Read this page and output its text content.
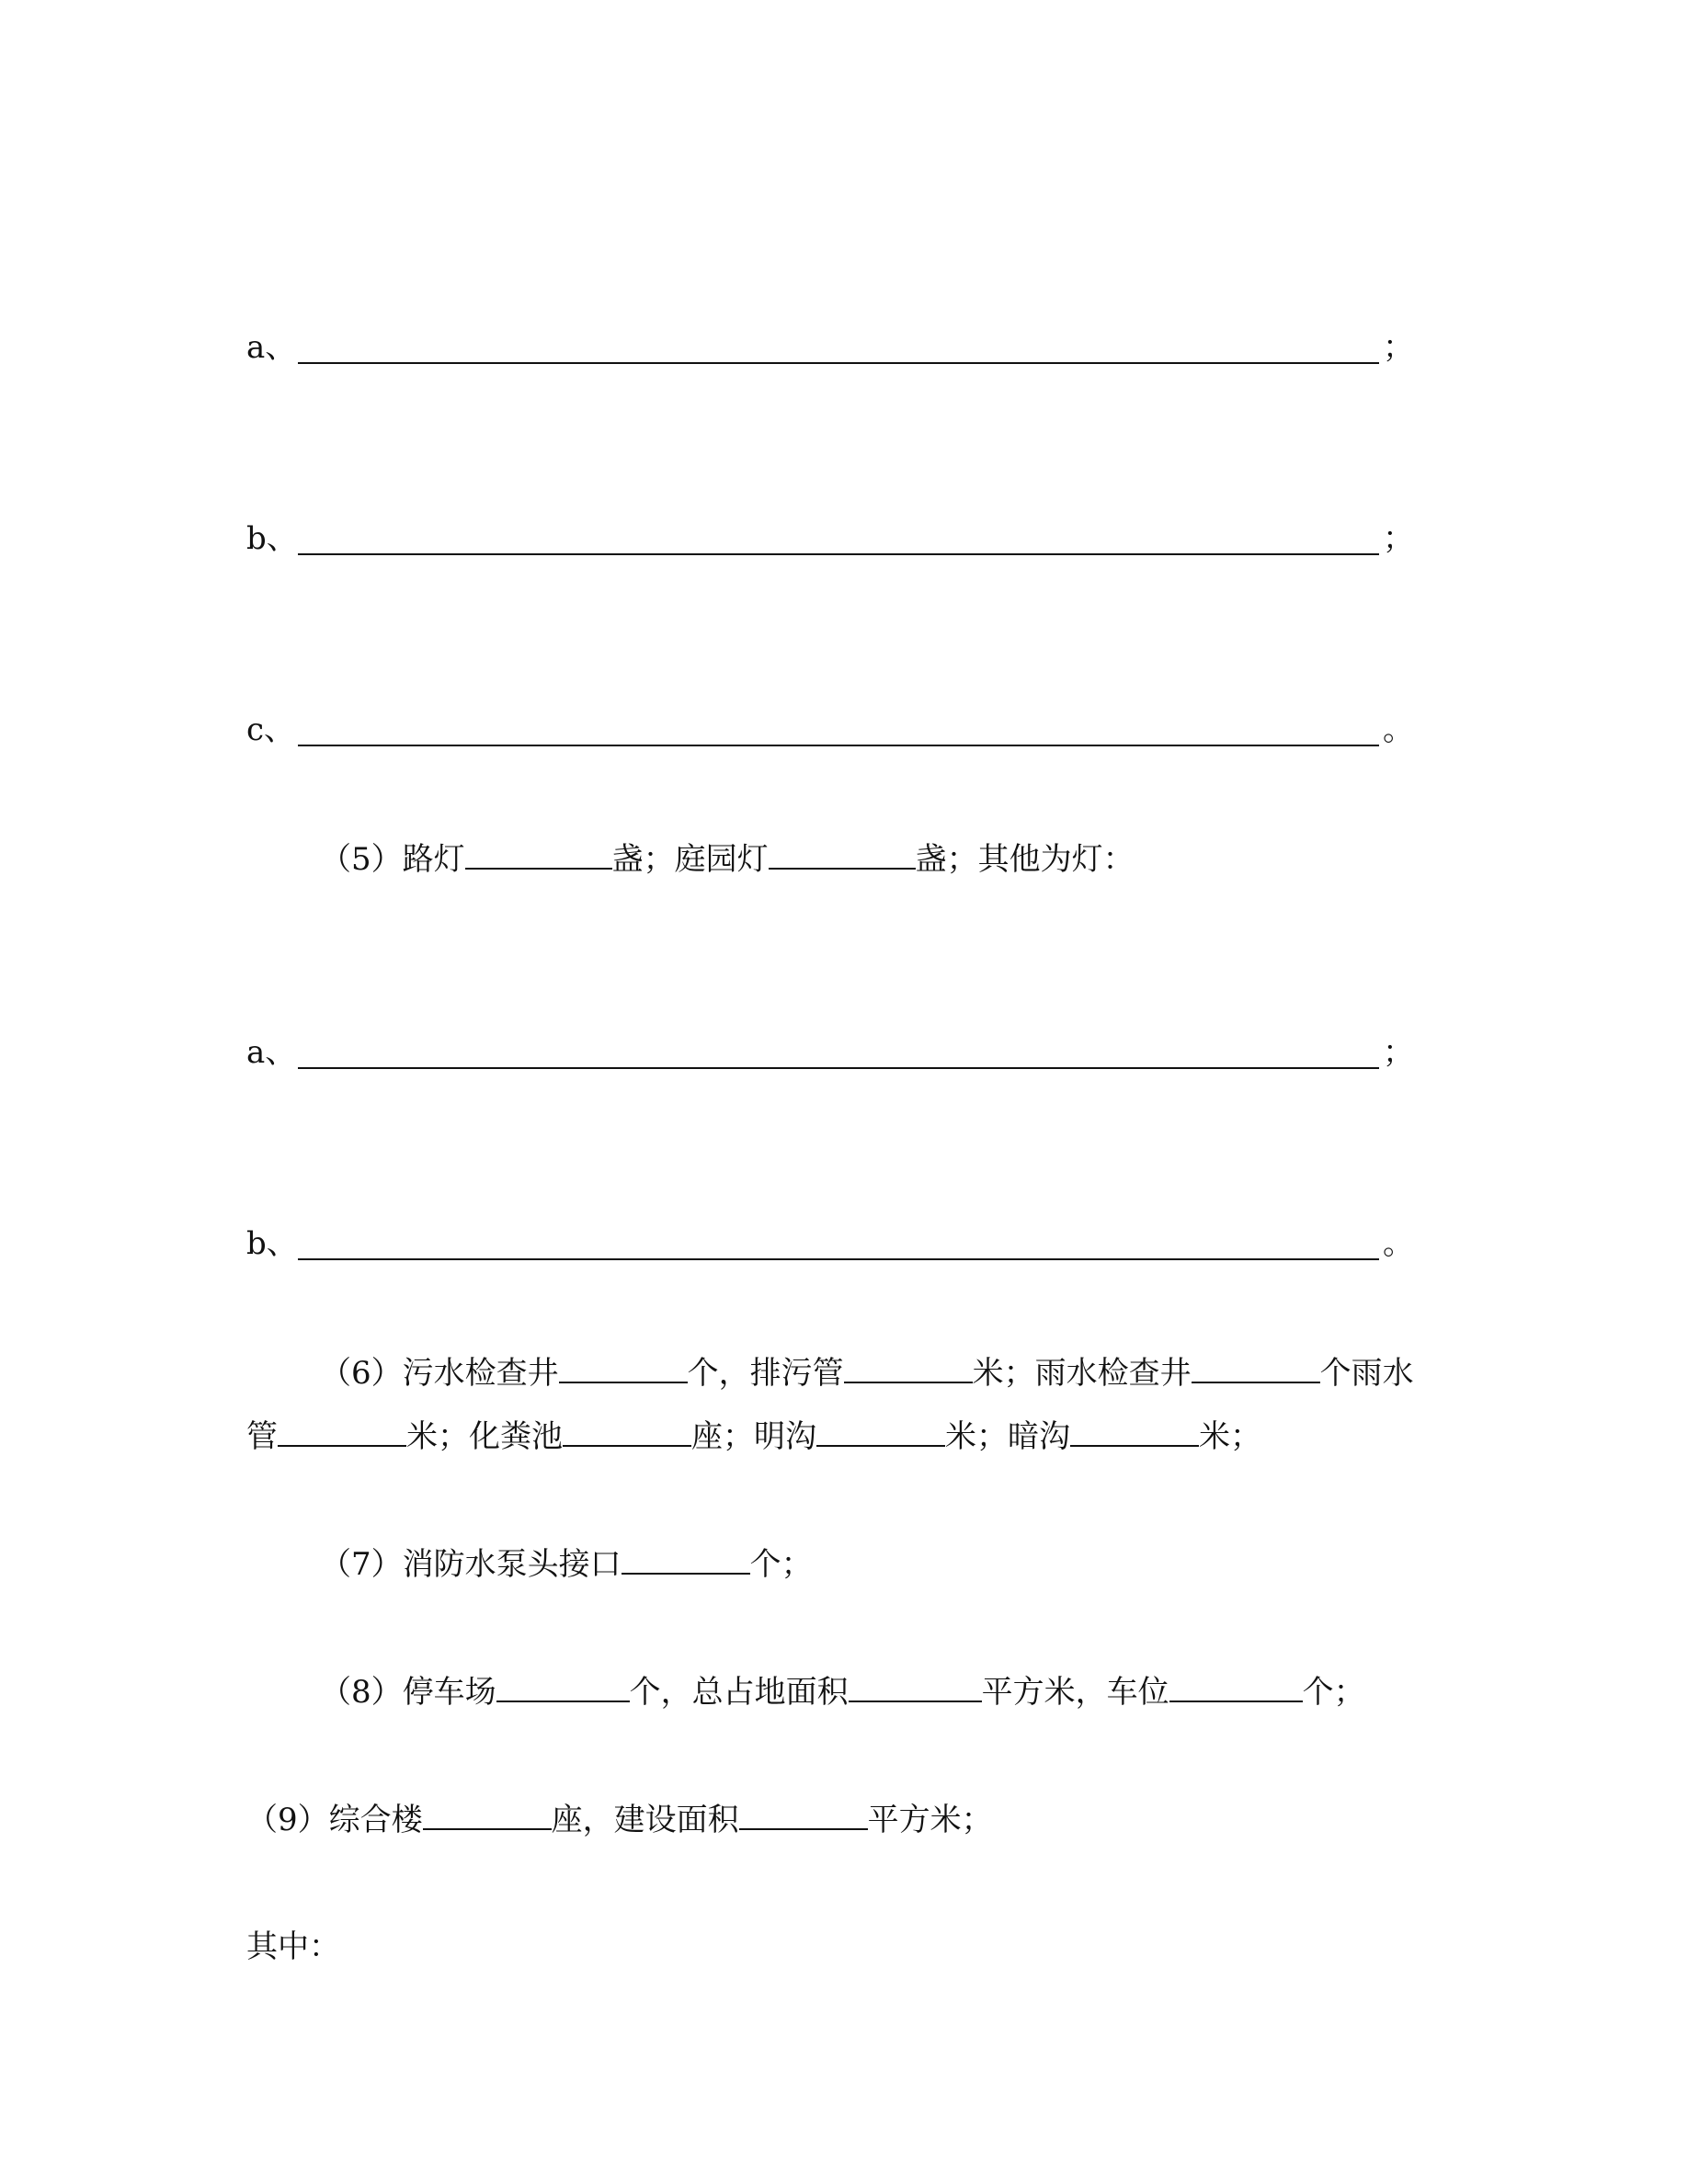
a、	；
b、	；
c、	。
（5）路灯	盏；庭园灯	盏；其他为灯：
a、	；
b、	。
（6）污水检查井	个，排污管	米；雨水检查井	个雨水
管	米；化粪池	座；明沟	米；暗沟	米；
（7）消防水泵头接口	个；
（8）停车场	个，总占地面积	平方米，车位	个；
（9）综合楼	座，建设面积	平方米；
其中：
